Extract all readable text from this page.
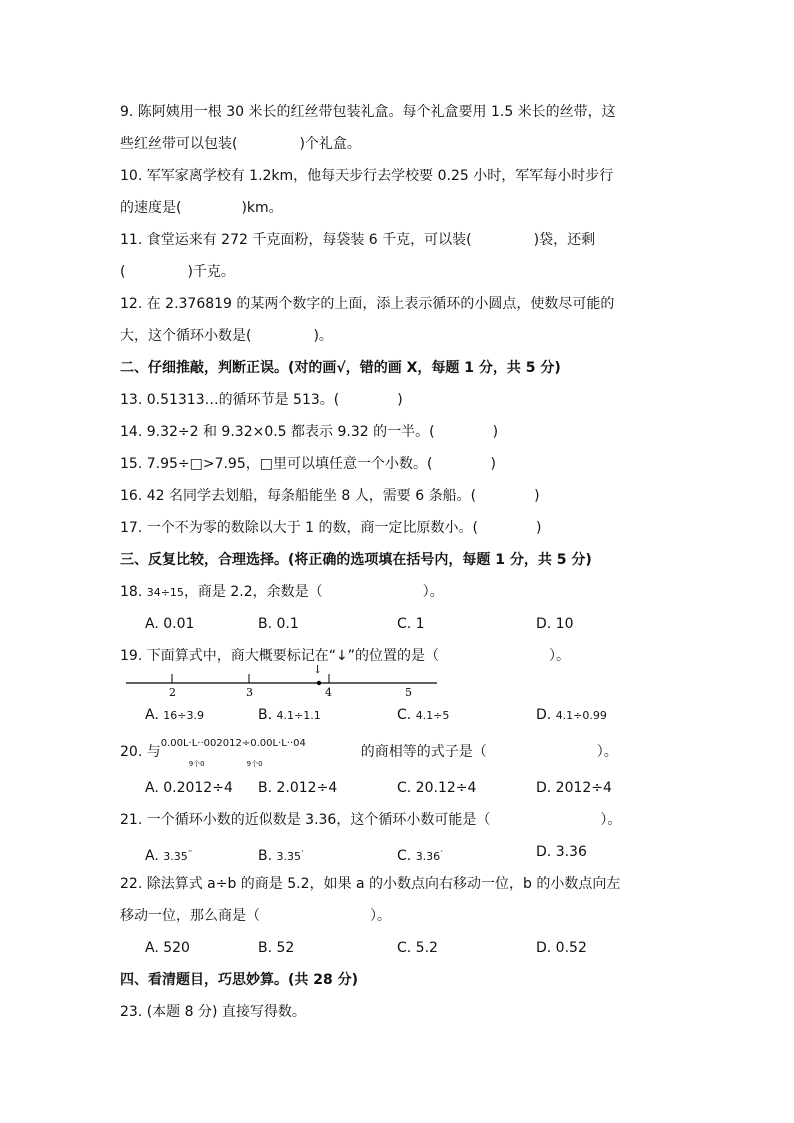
9. 陈阿姨用一根 30 米长的红丝带包装礼盒。每个礼盒要用 1.5 米长的丝带，这
些红丝带可以包装(	)个礼盒。
10. 军军家离学校有 1.2km，他每天步行去学校要 0.25 小时，军军每小时步行
的速度是(	)km。
11. 食堂运来有 272 千克面粉，每袋装 6 千克，可以装(	)袋，还剩
(	)千克。
12. 在 2.376819 的某两个数字的上面，添上表示循环的小圆点，使数尽可能的
大，这个循环小数是(	)。
二、仔细推敲，判断正误。(对的画√，错的画 X，每题 1 分，共 5 分)
13. 0.51313…的循环节是 513。(	)
14. 9.32÷2 和 9.32×0.5 都表示 9.32 的一半。(	)
15. 7.95÷□>7.95，□里可以填任意一个小数。(	)
16. 42 名同学去划船，每条船能坐 8 人，需要 6 条船。(	)
17. 一个不为零的数除以大于 1 的数，商一定比原数小。(	)
三、反复比较，合理选择。(将正确的选项填在括号内，每题 1 分，共 5 分)
18. 34÷15，商是 2.2，余数是（	）。
A. 0.01	B. 0.1	C. 1	D. 10
19. 下面算式中，商大概要标记在“↓”的位置的是（	）。
↓
2	3	4	5
A. 16÷3.9	B. 4.1÷1.1	C. 4.1÷5	D. 4.1÷0.99
20. 与
0.00L·L··002012÷0.00L·L··04
9个0　　　　　　9个0
的商相等的式子是（	）。
A. 0.2012÷4 B. 2.012÷4	C. 20.12÷4	D. 2012÷4
21. 一个循环小数的近似数是 3.36，这个循环小数可能是（	）。
A. 3.35··	B. 3.35·	C. 3.36·	D. 3.36
22. 除法算式 a÷b 的商是 5.2，如果 a 的小数点向右移动一位，b 的小数点向左
移动一位，那么商是（	）。
A. 520	B. 52	C. 5.2	D. 0.52
四、看清题目，巧思妙算。(共 28 分)
23. (本题 8 分) 直接写得数。
